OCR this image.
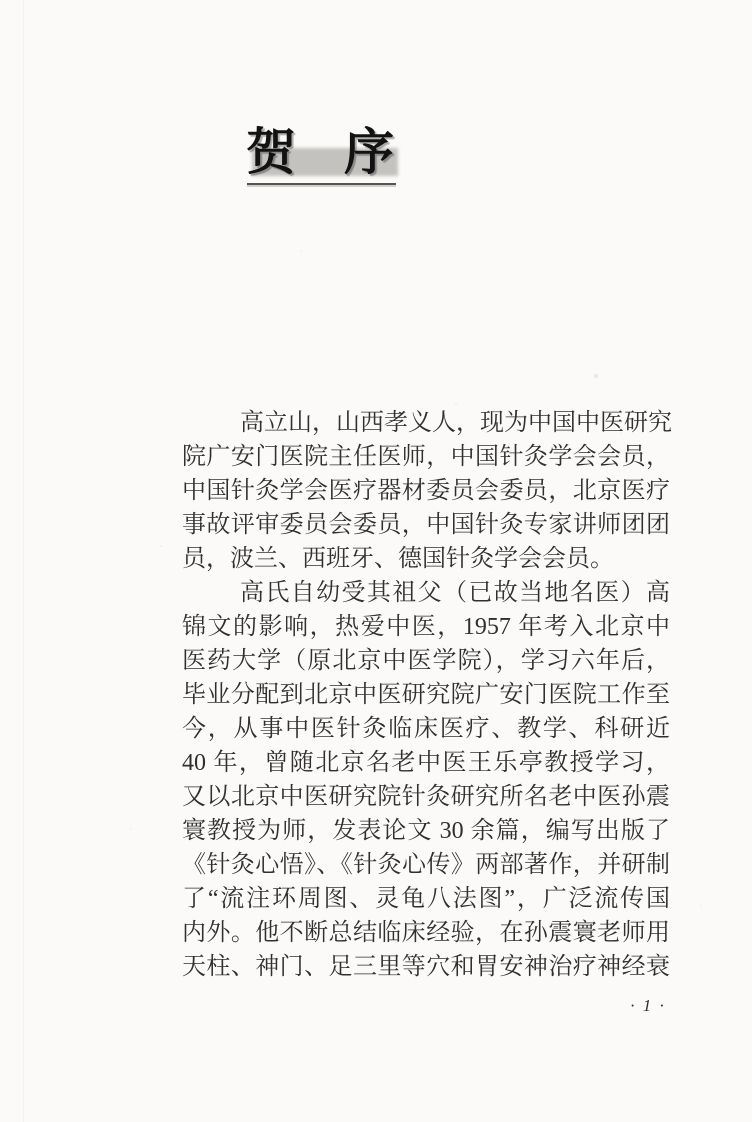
贺 序
高立山，山西孝义人，现为中国中医研究
院广安门医院主任医师，中国针灸学会会员，
中国针灸学会医疗器材委员会委员，北京医疗
事故评审委员会委员，中国针灸专家讲师团团
员，波兰、西班牙、德国针灸学会会员。
高氏自幼受其祖父（已故当地名医）高
锦文的影响，热爱中医，1957 年考入北京中
医药大学（原北京中医学院），学习六年后，
毕业分配到北京中医研究院广安门医院工作至
今，从事中医针灸临床医疗、教学、科研近
40 年，曾随北京名老中医王乐亭教授学习，
又以北京中医研究院针灸研究所名老中医孙震
寰教授为师，发表论文 30 余篇，编写出版了
《针灸心悟》、《针灸心传》两部著作，并研制
了“流注环周图、灵龟八法图”，广泛流传国
内外。他不断总结临床经验，在孙震寰老师用
天柱、神门、足三里等穴和胃安神治疗神经衰
· 1 ·
